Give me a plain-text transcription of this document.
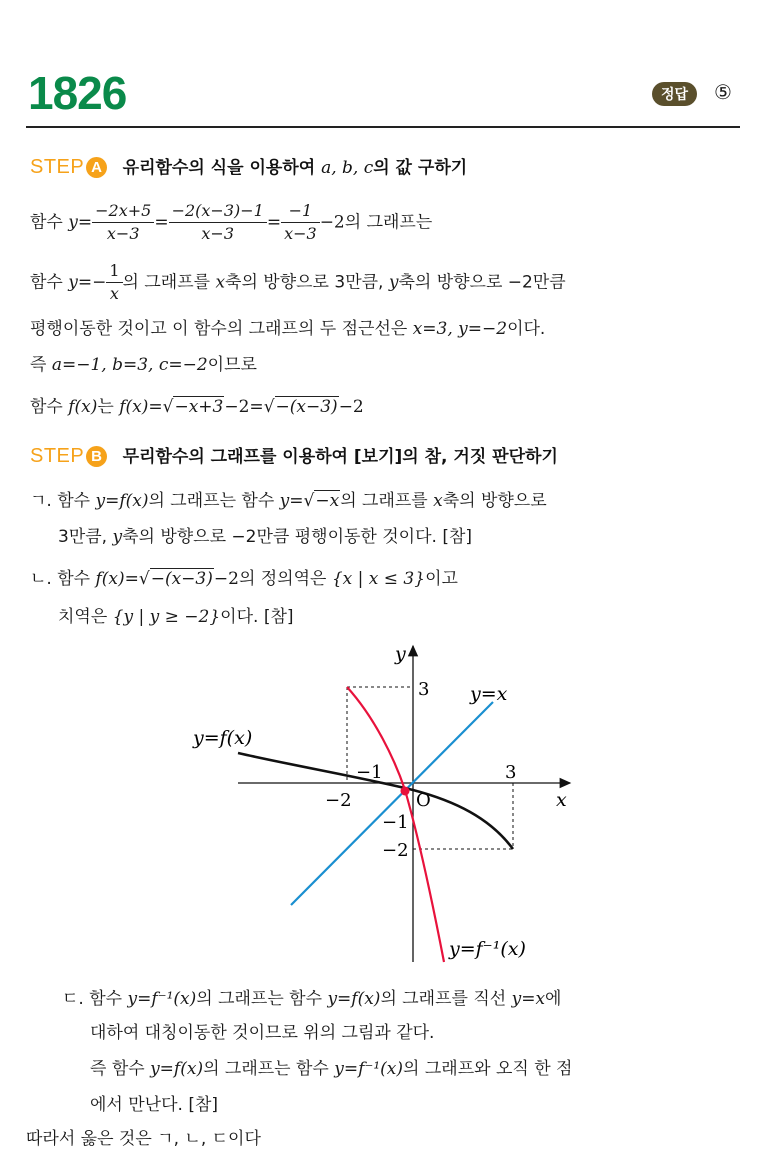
1826	정답	⑤
STEP A 유리함수의 식을 이용하여 a, b, c의 값 구하기
함수 $y= \frac{-2x+5}{x-3} = \frac{-2(x-3)-1}{x-3} = \frac{-1}{x-3} -2$의 그래프는
함수 $y=- \frac{1}{x}$ 의 그래프를 x축의 방향으로 3만큼, y축의 방향으로 −2만큼
평행이동한 것이고 이 함수의 그래프의 두 점근선은 x=3, y=−2이다.
즉 a=−1, b=3, c=−2이므로
함수 f(x)는 f(x)=√−x+3−2=√−(x−3)−2
STEP B 무리함수의 그래프를 이용하여 [보기]의 참, 거짓 판단하기
ㄱ. 함수 y=f(x)의 그래프는 함수 y=√−x의 그래프를 x축의 방향으로
3만큼, y축의 방향으로 −2만큼 평행이동한 것이다. [참]
ㄴ. 함수 f(x)=√−(x−3)−2의 정의역은 {x | x ≤ 3}이고
치역은 {y | y ≥ −2}이다. [참]
y
x
O
3
3
−2
−1
−1
−2
y=f(x)
y=x
y=f⁻¹(x)
ㄷ. 함수 y=f⁻¹(x)의 그래프는 함수 y=f(x)의 그래프를 직선 y=x에
대하여 대칭이동한 것이므로 위의 그림과 같다.
즉 함수 y=f(x)의 그래프는 함수 y=f⁻¹(x)의 그래프와 오직 한 점
에서 만난다. [참]
따라서 옳은 것은 ㄱ, ㄴ, ㄷ이다
